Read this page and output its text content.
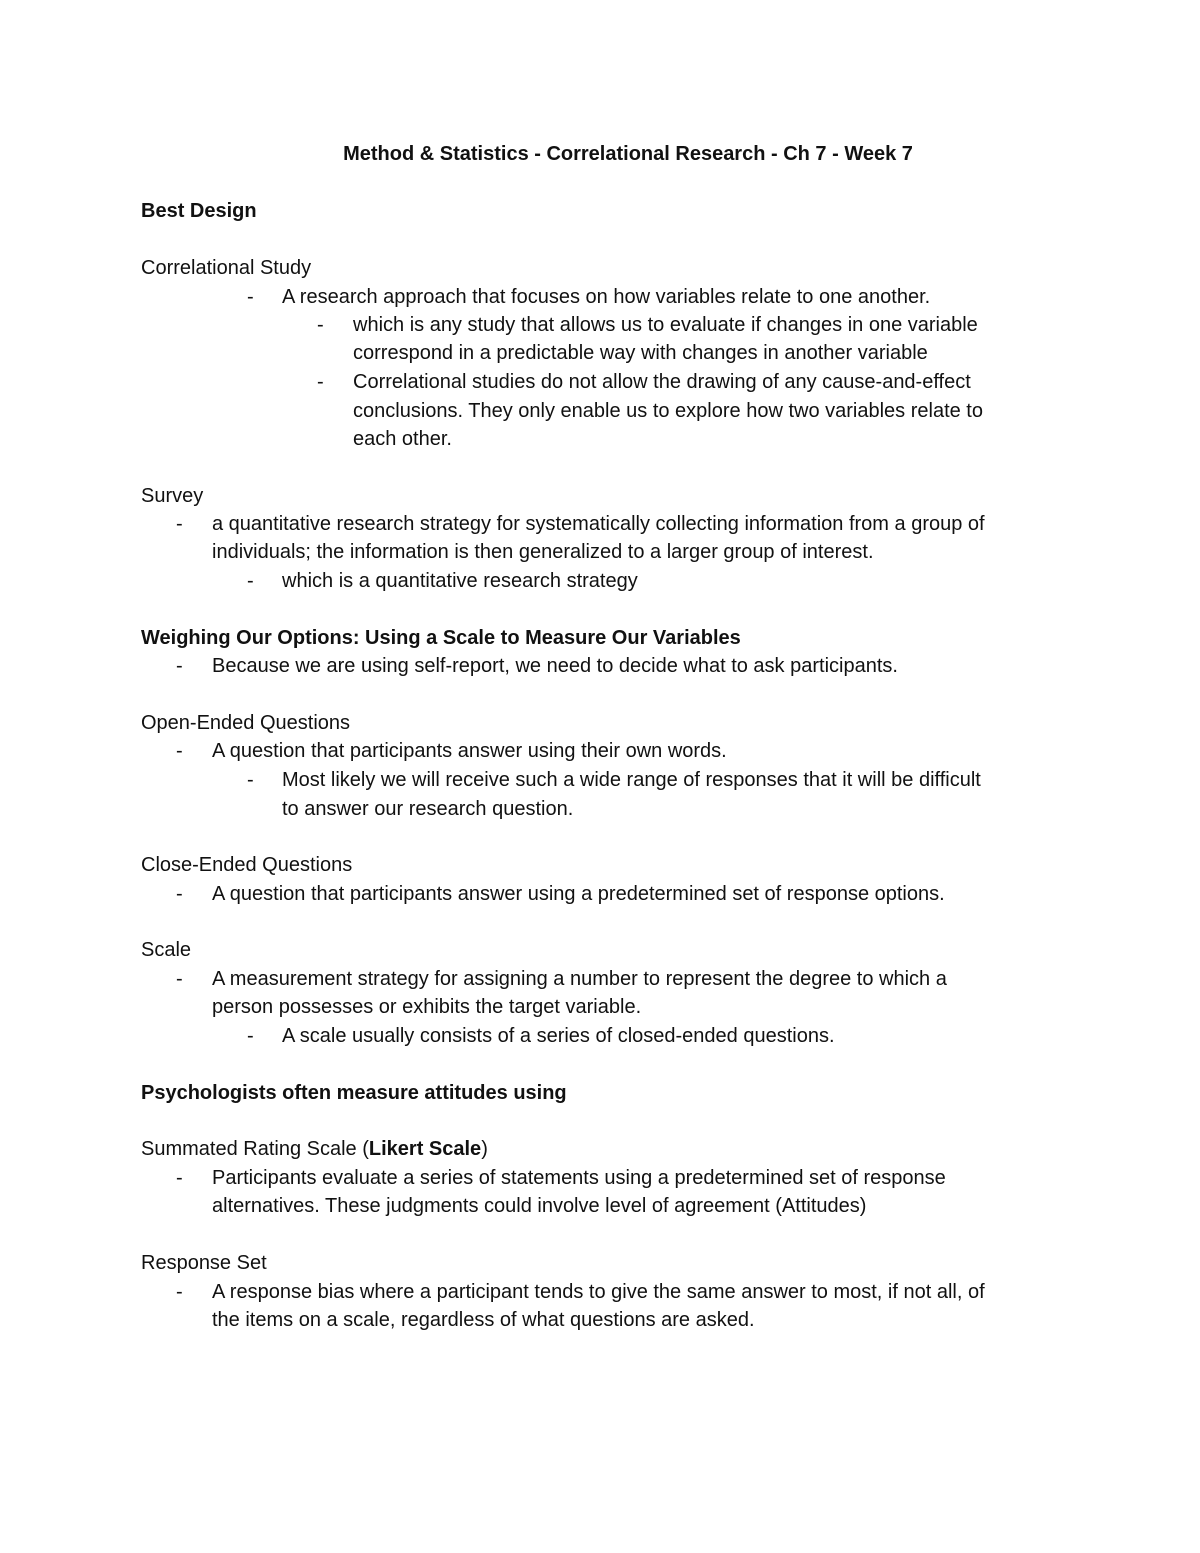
Method & Statistics - Correlational Research - Ch 7 - Week 7
Best Design
Correlational Study
- A research approach that focuses on how variables relate to one another.
- which is any study that allows us to evaluate if changes in one variable
correspond in a predictable way with changes in another variable
- Correlational studies do not allow the drawing of any cause-and-effect
conclusions. They only enable us to explore how two variables relate to
each other.
Survey
- a quantitative research strategy for systematically collecting information from a group of
individuals; the information is then generalized to a larger group of interest.
- which is a quantitative research strategy
Weighing Our Options: Using a Scale to Measure Our Variables
- Because we are using self-report, we need to decide what to ask participants.
Open-Ended Questions
- A question that participants answer using their own words.
- Most likely we will receive such a wide range of responses that it will be difficult
to answer our research question.
Close-Ended Questions
- A question that participants answer using a predetermined set of response options.
Scale
- A measurement strategy for assigning a number to represent the degree to which a
person possesses or exhibits the target variable.
- A scale usually consists of a series of closed-ended questions.
Psychologists often measure attitudes using
Summated Rating Scale (Likert Scale)
- Participants evaluate a series of statements using a predetermined set of response
alternatives. These judgments could involve level of agreement (Attitudes)
Response Set
- A response bias where a participant tends to give the same answer to most, if not all, of
the items on a scale, regardless of what questions are asked.
